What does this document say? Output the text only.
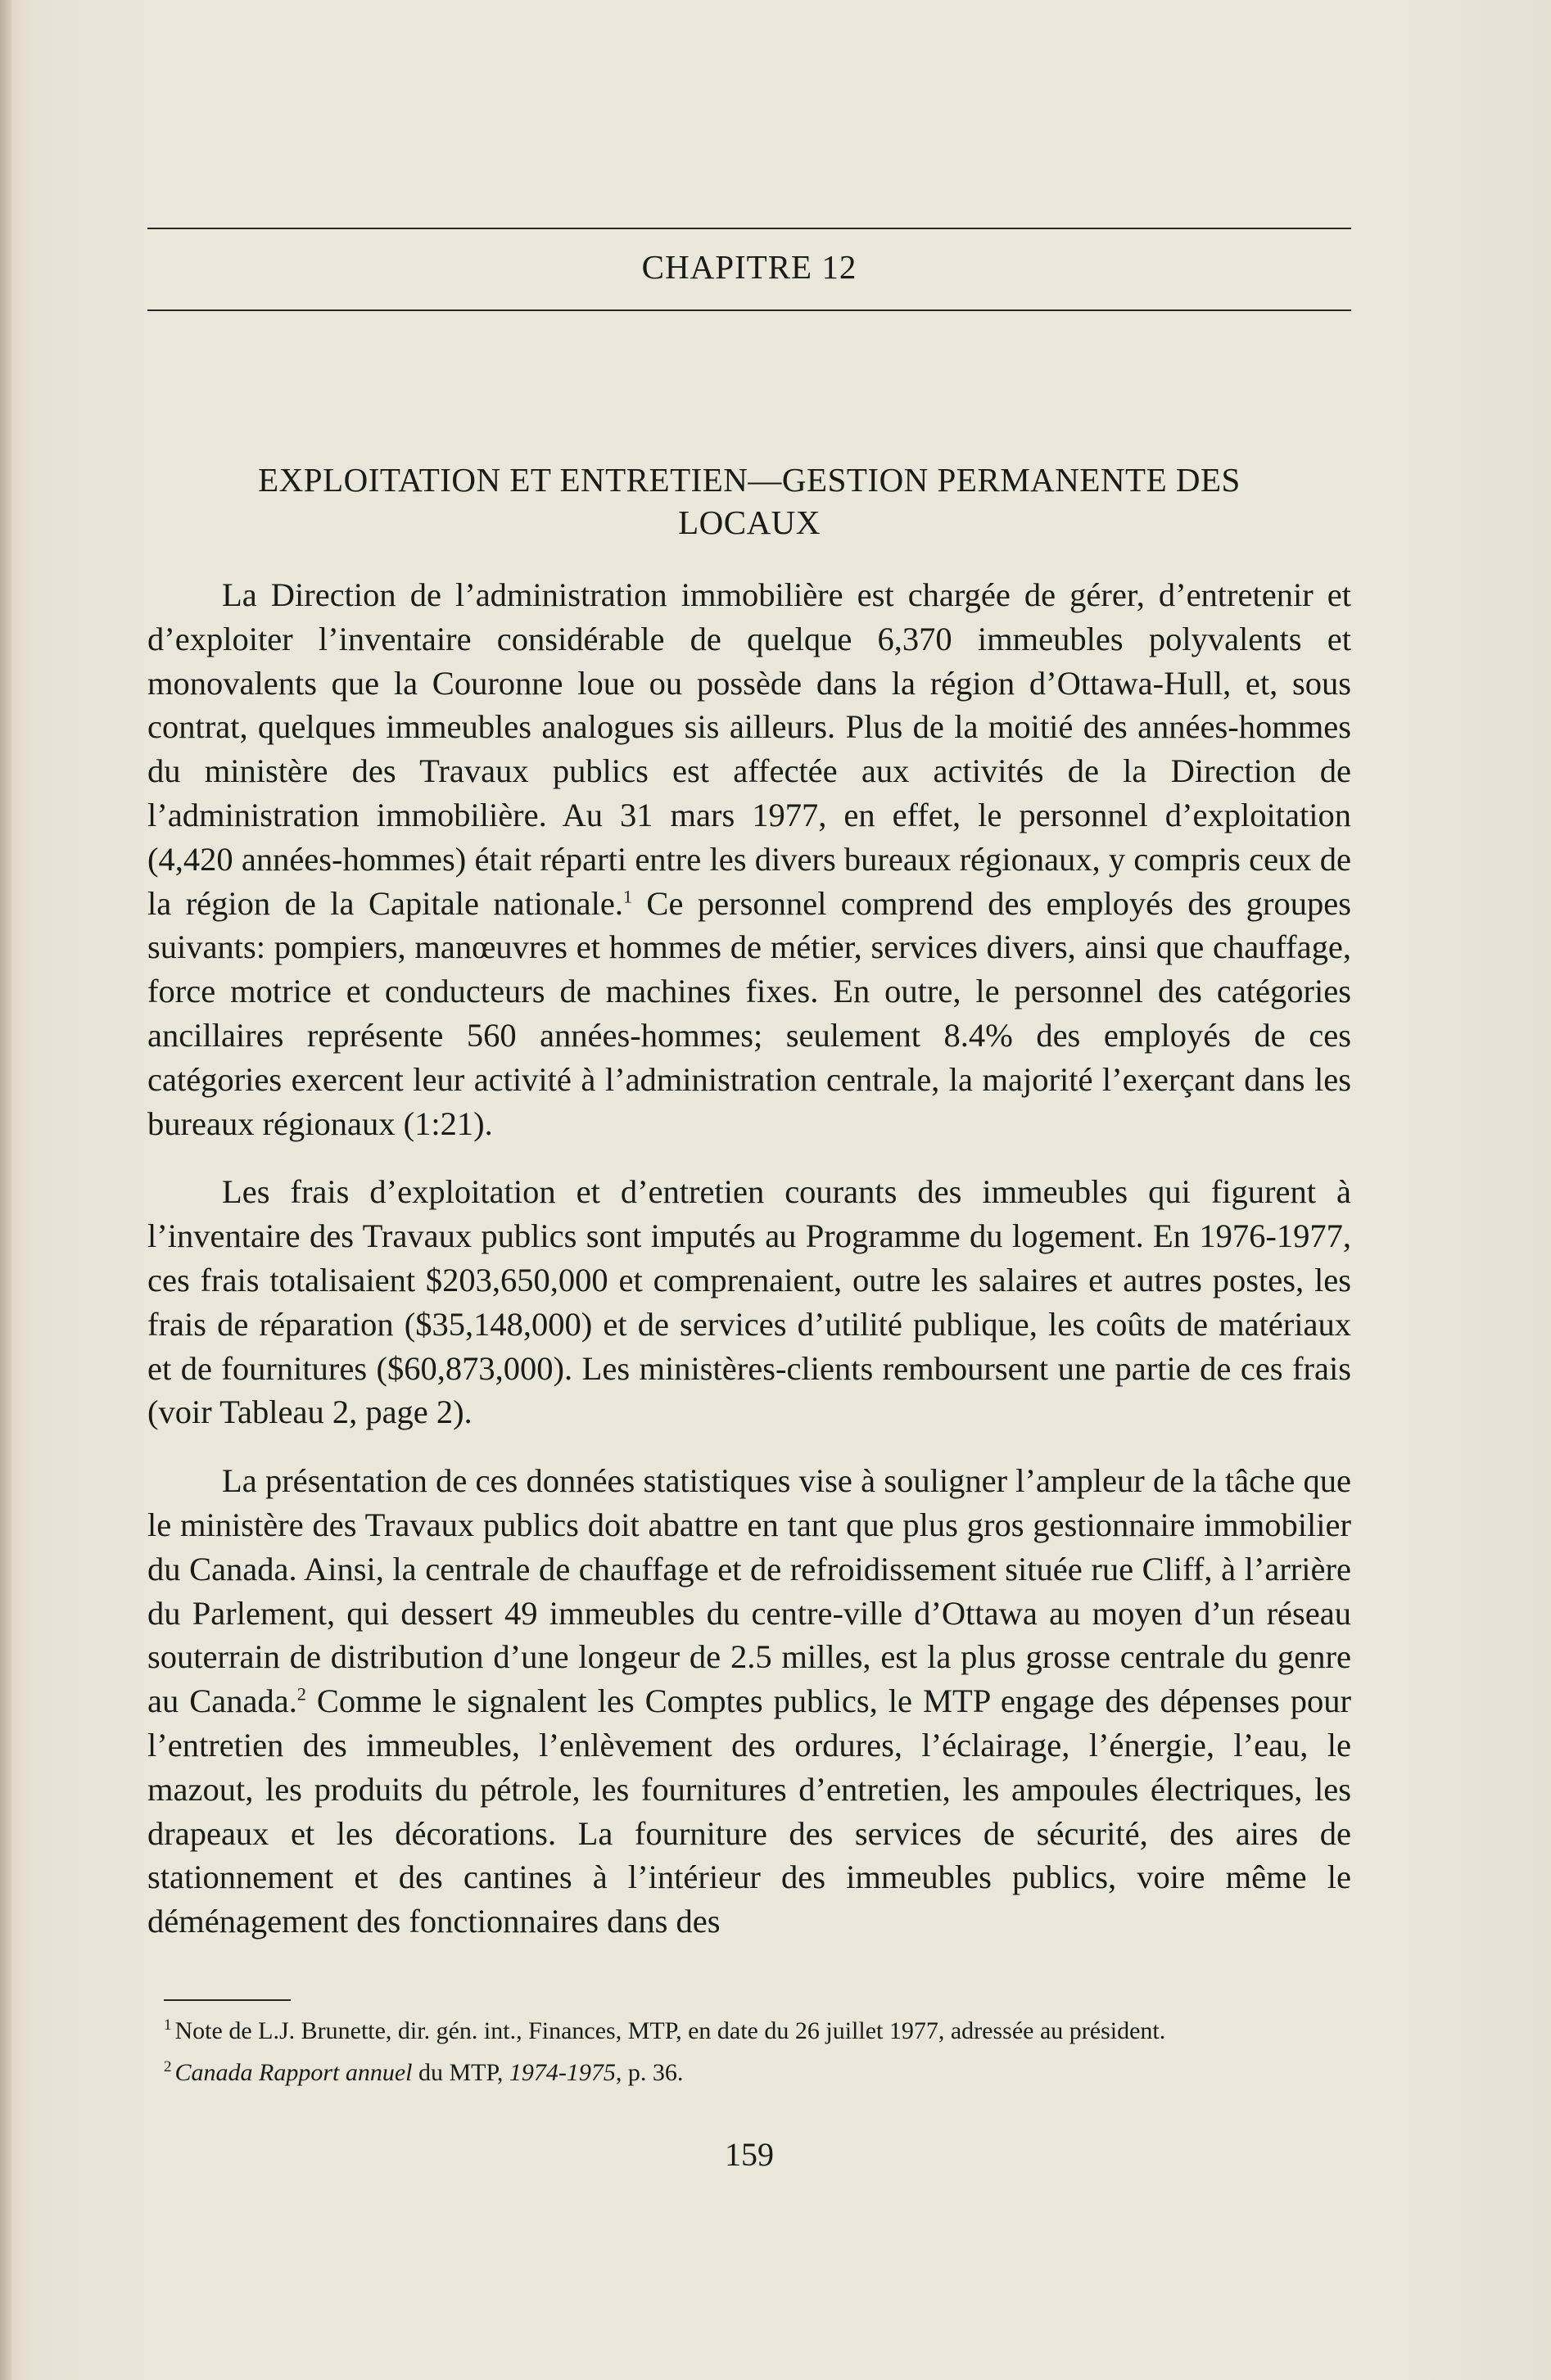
CHAPITRE 12
EXPLOITATION ET ENTRETIEN—GESTION PERMANENTE DES
LOCAUX

La Direction de l’administration immobilière est chargée de gérer, d’entretenir et d’exploiter l’inventaire considérable de quelque 6,370 immeubles polyvalents et monovalents que la Couronne loue ou possède dans la région d’Ottawa-Hull, et, sous contrat, quelques immeubles analogues sis ailleurs. Plus de la moitié des années-hommes du ministère des Travaux publics est affectée aux activités de la Direction de l’administration immobilière. Au 31 mars 1977, en effet, le personnel d’exploitation (4,420 années-hommes) était réparti entre les divers bureaux régionaux, y compris ceux de la région de la Capitale nationale.$^1$ Ce personnel comprend des employés des groupes suivants: pompiers, manœuvres et hommes de métier, services divers, ainsi que chauffage, force motrice et conducteurs de machines fixes. En outre, le personnel des catégories ancillaires représente 560 années-hommes; seulement 8.4% des employés de ces catégories exercent leur activité à l’administration centrale, la majorité l’exerçant dans les bureaux régionaux (1:21).

Les frais d’exploitation et d’entretien courants des immeubles qui figurent à l’inventaire des Travaux publics sont imputés au Programme du logement. En 1976-1977, ces frais totalisaient $203,650,000 et comprenaient, outre les salaires et autres postes, les frais de réparation ($35,148,000) et de services d’utilité publique, les coûts de matériaux et de fournitures ($60,873,000). Les ministères-clients remboursent une partie de ces frais (voir Tableau 2, page 2).

La présentation de ces données statistiques vise à souligner l’ampleur de la tâche que le ministère des Travaux publics doit abattre en tant que plus gros gestionnaire immobilier du Canada. Ainsi, la centrale de chauffage et de refroidissement située rue Cliff, à l’arrière du Parlement, qui dessert 49 immeubles du centre-ville d’Ottawa au moyen d’un réseau souterrain de distribution d’une longeur de 2.5 milles, est la plus grosse centrale du genre au Canada.$^2$ Comme le signalent les Comptes publics, le MTP engage des dépenses pour l’entretien des immeubles, l’enlèvement des ordures, l’éclairage, l’énergie, l’eau, le mazout, les produits du pétrole, les fournitures d’entretien, les ampoules électriques, les drapeaux et les décorations. La fourniture des services de sécurité, des aires de stationnement et des cantines à l’intérieur des immeubles publics, voire même le déménagement des fonctionnaires dans des

$^1$ Note de L.J. Brunette, dir. gén. int., Finances, MTP, en date du 26 juillet 1977, adressée au président.
$^2$ Canada Rapport annuel du MTP, 1974-1975, p. 36.
159
